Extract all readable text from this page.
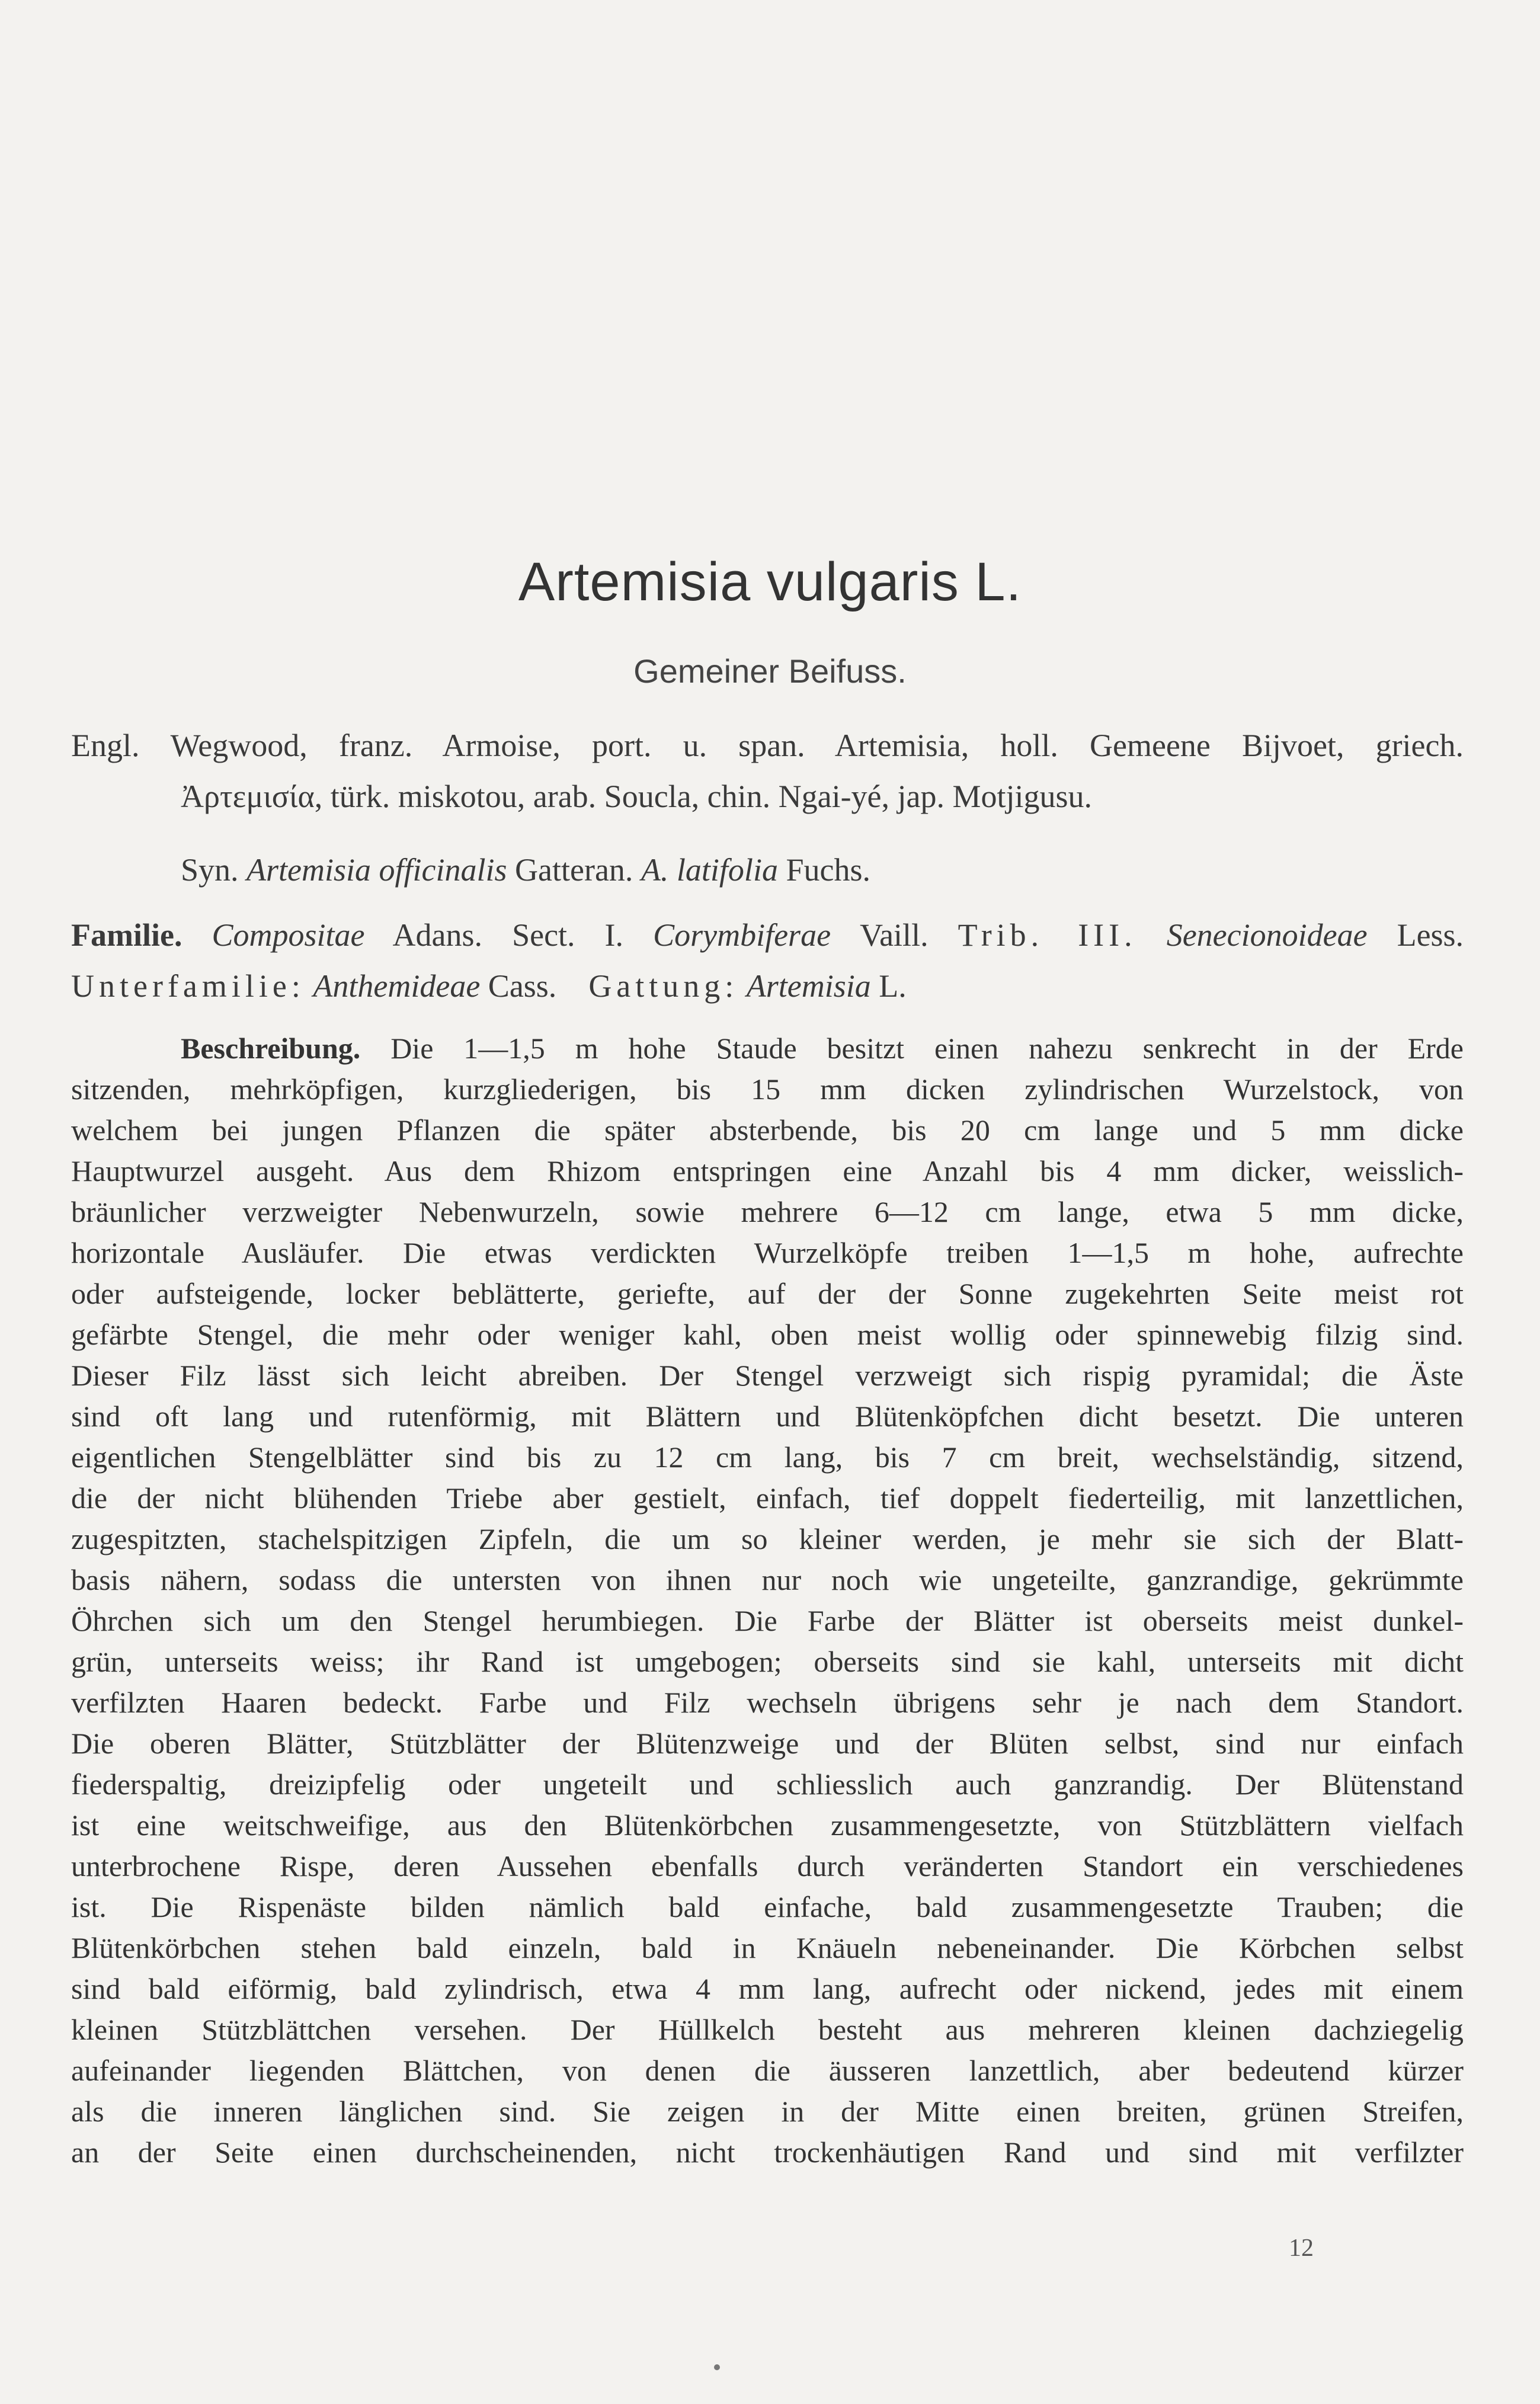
Artemisia vulgaris L.
Gemeiner Beifuss.
Engl. Wegwood, franz. Armoise, port. u. span. Artemisia, holl. Gemeene Bijvoet, griech.
Ἀρτεμισία, türk. miskotou, arab. Soucla, chin. Ngai-yé, jap. Motjigusu.
Syn. Artemisia officinalis Gatteran. A. latifolia Fuchs.
Familie. Compositae Adans. Sect. I. Corymbiferae Vaill. Trib. III. Senecionoideae Less.
Unterfamilie: Anthemideae Cass. Gattung: Artemisia L.
Beschreibung. Die 1—1,5 m hohe Staude besitzt einen nahezu senkrecht in der Erde
sitzenden, mehrköpfigen, kurzgliederigen, bis 15 mm dicken zylindrischen Wurzelstock, von
welchem bei jungen Pflanzen die später absterbende, bis 20 cm lange und 5 mm dicke
Hauptwurzel ausgeht. Aus dem Rhizom entspringen eine Anzahl bis 4 mm dicker, weisslich-
bräunlicher verzweigter Nebenwurzeln, sowie mehrere 6—12 cm lange, etwa 5 mm dicke,
horizontale Ausläufer. Die etwas verdickten Wurzelköpfe treiben 1—1,5 m hohe, aufrechte
oder aufsteigende, locker beblätterte, geriefte, auf der der Sonne zugekehrten Seite meist rot
gefärbte Stengel, die mehr oder weniger kahl, oben meist wollig oder spinnewebig filzig sind.
Dieser Filz lässt sich leicht abreiben. Der Stengel verzweigt sich rispig pyramidal; die Äste
sind oft lang und rutenförmig, mit Blättern und Blütenköpfchen dicht besetzt. Die unteren
eigentlichen Stengelblätter sind bis zu 12 cm lang, bis 7 cm breit, wechselständig, sitzend,
die der nicht blühenden Triebe aber gestielt, einfach, tief doppelt fiederteilig, mit lanzettlichen,
zugespitzten, stachelspitzigen Zipfeln, die um so kleiner werden, je mehr sie sich der Blatt-
basis nähern, sodass die untersten von ihnen nur noch wie ungeteilte, ganzrandige, gekrümmte
Öhrchen sich um den Stengel herumbiegen. Die Farbe der Blätter ist oberseits meist dunkel-
grün, unterseits weiss; ihr Rand ist umgebogen; oberseits sind sie kahl, unterseits mit dicht
verfilzten Haaren bedeckt. Farbe und Filz wechseln übrigens sehr je nach dem Standort.
Die oberen Blätter, Stützblätter der Blütenzweige und der Blüten selbst, sind nur einfach
fiederspaltig, dreizipfelig oder ungeteilt und schliesslich auch ganzrandig. Der Blütenstand
ist eine weitschweifige, aus den Blütenkörbchen zusammengesetzte, von Stützblättern vielfach
unterbrochene Rispe, deren Aussehen ebenfalls durch veränderten Standort ein verschiedenes
ist. Die Rispenäste bilden nämlich bald einfache, bald zusammengesetzte Trauben; die
Blütenkörbchen stehen bald einzeln, bald in Knäueln nebeneinander. Die Körbchen selbst
sind bald eiförmig, bald zylindrisch, etwa 4 mm lang, aufrecht oder nickend, jedes mit einem
kleinen Stützblättchen versehen. Der Hüllkelch besteht aus mehreren kleinen dachziegelig
aufeinander liegenden Blättchen, von denen die äusseren lanzettlich, aber bedeutend kürzer
als die inneren länglichen sind. Sie zeigen in der Mitte einen breiten, grünen Streifen,
an der Seite einen durchscheinenden, nicht trockenhäutigen Rand und sind mit verfilzter
12
